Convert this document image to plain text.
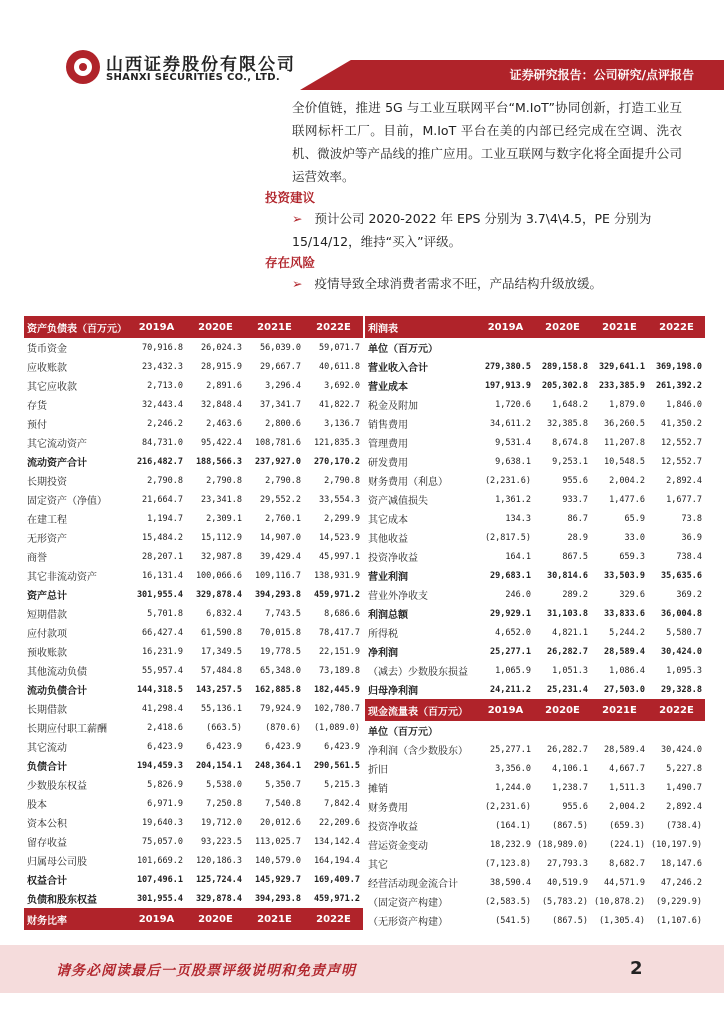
山西证券股份有限公司
SHANXI SECURITIES CO., LTD.	证券研究报告：公司研究/点评报告
全价值链，推进 5G 与工业互联网平台“M.IoT”协同创新，打造工业互联网标杆工厂。目前，M.IoT 平台在美的内部已经完成在空调、洗衣机、微波炉等产品线的推广应用。工业互联网与数字化将全面提升公司运营效率。
投资建议
➢ 预计公司 2020-2022 年 EPS 分别为 3.7\4\4.5，PE 分别为 15/14/12，维持“买入”评级。
存在风险
➢ 疫情导致全球消费者需求不旺，产品结构升级放缓。
资产负债表（百万元）	2019A	2020E	2021E	2022E
货币资金	70,916.8	26,024.3	56,039.0	59,071.7
应收账款	23,432.3	28,915.9	29,667.7	40,611.8
其它应收款	2,713.0	2,891.6	3,296.4	3,692.0
存货	32,443.4	32,848.4	37,341.7	41,822.7
预付	2,246.2	2,463.6	2,800.6	3,136.7
其它流动资产	84,731.0	95,422.4	108,781.6	121,835.3
流动资产合计	216,482.7	188,566.3	237,927.0	270,170.2
长期投资	2,790.8	2,790.8	2,790.8	2,790.8
固定资产（净值）	21,664.7	23,341.8	29,552.2	33,554.3
在建工程	1,194.7	2,309.1	2,760.1	2,299.9
无形资产	15,484.2	15,112.9	14,907.0	14,523.9
商誉	28,207.1	32,987.8	39,429.4	45,997.1
其它非流动资产	16,131.4	100,066.6	109,116.7	138,931.9
资产总计	301,955.4	329,878.4	394,293.8	459,971.2
短期借款	5,701.8	6,832.4	7,743.5	8,686.6
应付款项	66,427.4	61,590.8	70,015.8	78,417.7
预收账款	16,231.9	17,349.5	19,778.5	22,151.9
其他流动负债	55,957.4	57,484.8	65,348.0	73,189.8
流动负债合计	144,318.5	143,257.5	162,885.8	182,445.9
长期借款	41,298.4	55,136.1	79,924.9	102,780.7
长期应付职工薪酬	2,418.6	(663.5)	(870.6)	(1,089.0)
其它流动	6,423.9	6,423.9	6,423.9	6,423.9
负债合计	194,459.3	204,154.1	248,364.1	290,561.5
少数股东权益	5,826.9	5,538.0	5,350.7	5,215.3
股本	6,971.9	7,250.8	7,540.8	7,842.4
资本公积	19,640.3	19,712.0	20,012.6	22,209.6
留存收益	75,057.0	93,223.5	113,025.7	134,142.4
归属母公司股	101,669.2	120,186.3	140,579.0	164,194.4
权益合计	107,496.1	125,724.4	145,929.7	169,409.7
负债和股东权益	301,955.4	329,878.4	394,293.8	459,971.2
财务比率	2019A	2020E	2021E	2022E
利润表	2019A	2020E	2021E	2022E
单位（百万元）				
营业收入合计	279,380.5	289,158.8	329,641.1	369,198.0
营业成本	197,913.9	205,302.8	233,385.9	261,392.2
税金及附加	1,720.6	1,648.2	1,879.0	1,846.0
销售费用	34,611.2	32,385.8	36,260.5	41,350.2
管理费用	9,531.4	8,674.8	11,207.8	12,552.7
研发费用	9,638.1	9,253.1	10,548.5	12,552.7
财务费用（利息）	(2,231.6)	955.6	2,004.2	2,892.4
资产减值损失	1,361.2	933.7	1,477.6	1,677.7
其它成本	134.3	86.7	65.9	73.8
其他收益	(2,817.5)	28.9	33.0	36.9
投资净收益	164.1	867.5	659.3	738.4
营业利润	29,683.1	30,814.6	33,503.9	35,635.6
营业外净收支	246.0	289.2	329.6	369.2
利润总额	29,929.1	31,103.8	33,833.6	36,004.8
所得税	4,652.0	4,821.1	5,244.2	5,580.7
净利润	25,277.1	26,282.7	28,589.4	30,424.0
（减去）少数股东损益	1,065.9	1,051.3	1,086.4	1,095.3
归母净利润	24,211.2	25,231.4	27,503.0	29,328.8
现金流量表（百万元）	2019A	2020E	2021E	2022E
单位（百万元）				
净利润（含少数股东）	25,277.1	26,282.7	28,589.4	30,424.0
折旧	3,356.0	4,106.1	4,667.7	5,227.8
摊销	1,244.0	1,238.7	1,511.3	1,490.7
财务费用	(2,231.6)	955.6	2,004.2	2,892.4
投资净收益	(164.1)	(867.5)	(659.3)	(738.4)
营运资金变动	18,232.9	(18,989.0)	(224.1)	(10,197.9)
其它	(7,123.8)	27,793.3	8,682.7	18,147.6
经营活动现金流合计	38,590.4	40,519.9	44,571.9	47,246.2
（固定资产构建）	(2,583.5)	(5,783.2)	(10,878.2)	(9,229.9)
（无形资产构建）	(541.5)	(867.5)	(1,305.4)	(1,107.6)
请务必阅读最后一页股票评级说明和免责声明	2
